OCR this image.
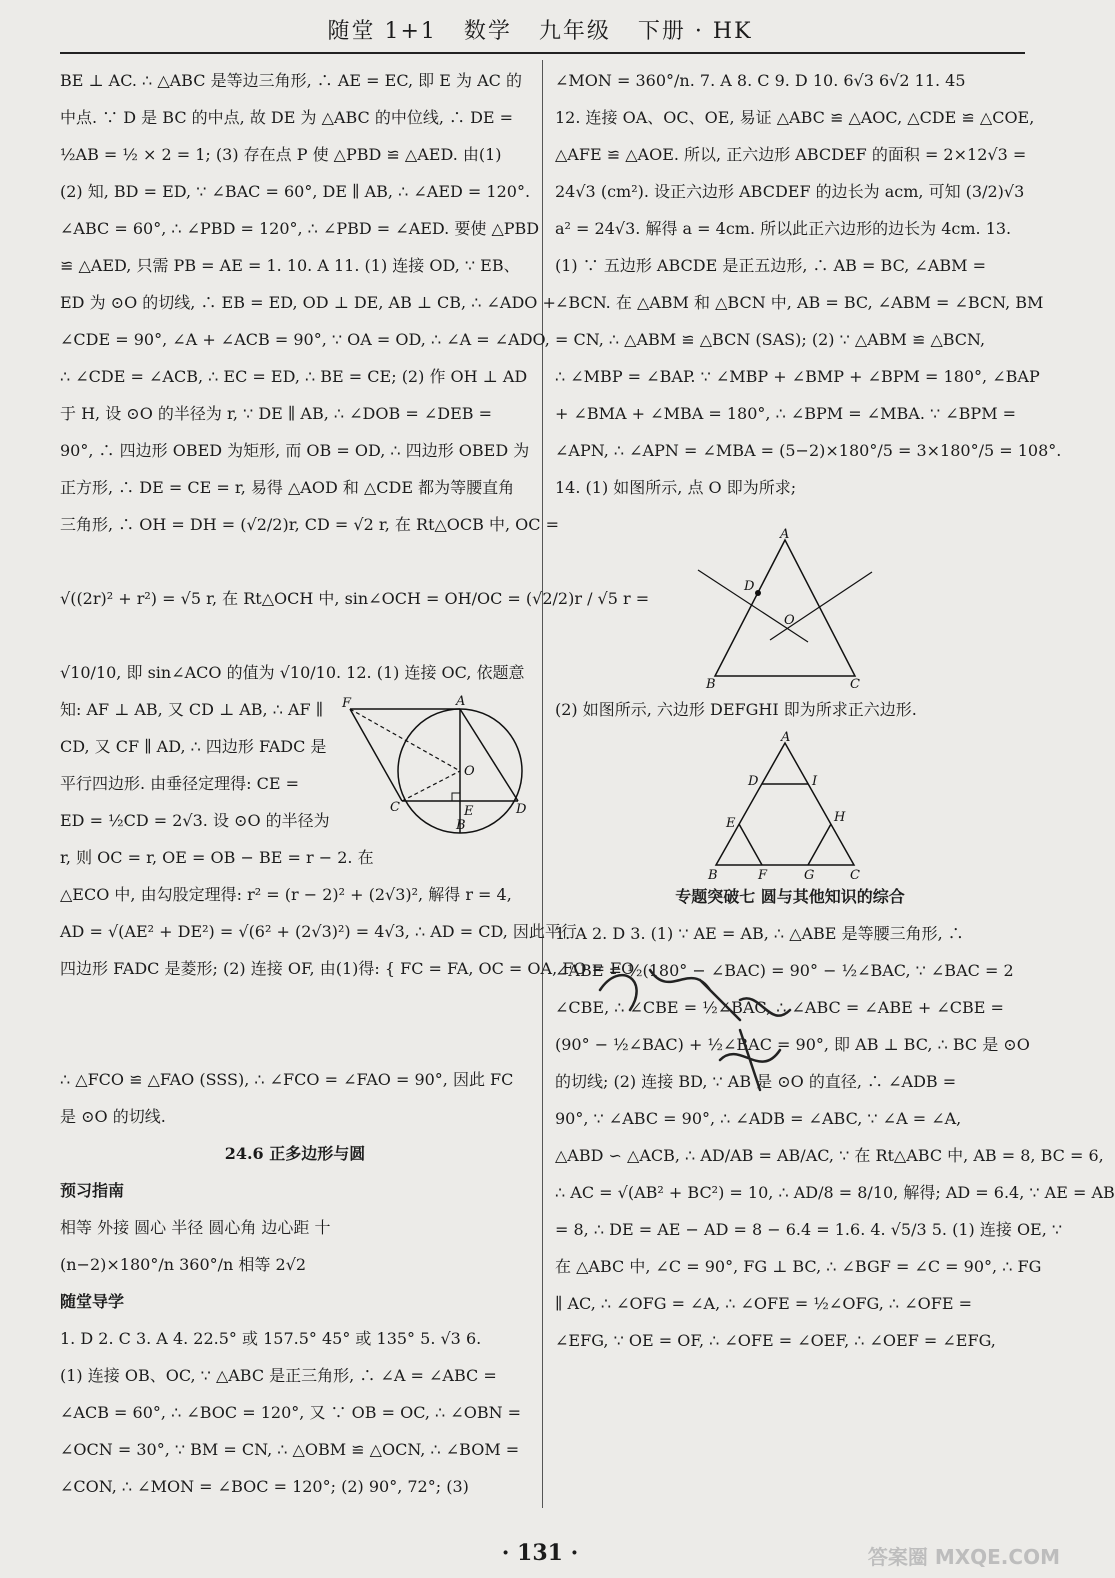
随堂 1+1 数学 九年级 下册 · HK

BE ⊥ AC. ∴ △ABC 是等边三角形, ∴ AE = EC, 即 E 为 AC 的

中点. ∵ D 是 BC 的中点, 故 DE 为 △ABC 的中位线, ∴ DE =

½AB = ½ × 2 = 1; (3) 存在点 P 使 △PBD ≌ △AED. 由(1)

(2) 知, BD = ED, ∵ ∠BAC = 60°, DE ∥ AB, ∴ ∠AED = 120°.

∠ABC = 60°, ∴ ∠PBD = 120°, ∴ ∠PBD = ∠AED. 要使 △PBD

≌ △AED, 只需 PB = AE = 1. 10. A 11. (1) 连接 OD, ∵ EB、

ED 为 ⊙O 的切线, ∴ EB = ED, OD ⊥ DE, AB ⊥ CB, ∴ ∠ADO +

∠CDE = 90°, ∠A + ∠ACB = 90°, ∵ OA = OD, ∴ ∠A = ∠ADO,

∴ ∠CDE = ∠ACB, ∴ EC = ED, ∴ BE = CE; (2) 作 OH ⊥ AD

于 H, 设 ⊙O 的半径为 r, ∵ DE ∥ AB, ∴ ∠DOB = ∠DEB =

90°, ∴ 四边形 OBED 为矩形, 而 OB = OD, ∴ 四边形 OBED 为

正方形, ∴ DE = CE = r, 易得 △AOD 和 △CDE 都为等腰直角

三角形, ∴ OH = DH = (√2/2)r, CD = √2 r, 在 Rt△OCB 中, OC =

√((2r)² + r²) = √5 r, 在 Rt△OCH 中, sin∠OCH = OH/OC = (√2/2)r / √5 r =

√10/10, 即 sin∠ACO 的值为 √10/10. 12. (1) 连接 OC, 依题意

知: AF ⊥ AB, 又 CD ⊥ AB, ∴ AF ∥

CD, 又 CF ∥ AD, ∴ 四边形 FADC 是

平行四边形. 由垂径定理得: CE =

ED = ½CD = 2√3. 设 ⊙O 的半径为

r, 则 OC = r, OE = OB − BE = r − 2. 在

△ECO 中, 由勾股定理得: r² = (r − 2)² + (2√3)², 解得 r = 4,

AD = √(AE² + DE²) = √(6² + (2√3)²) = 4√3, ∴ AD = CD, 因此平行

四边形 FADC 是菱形; (2) 连接 OF, 由(1)得: { FC = FA, OC = OA, FO = FO

∴ △FCO ≌ △FAO (SSS), ∴ ∠FCO = ∠FAO = 90°, 因此 FC

是 ⊙O 的切线.

24.6 正多边形与圆

预习指南

相等 外接 圆心 半径 圆心角 边心距 十

(n−2)×180°/n 360°/n 相等 2√2

随堂导学

1. D 2. C 3. A 4. 22.5° 或 157.5° 45° 或 135° 5. √3 6.

(1) 连接 OB、OC, ∵ △ABC 是正三角形, ∴ ∠A = ∠ABC =

∠ACB = 60°, ∴ ∠BOC = 120°, 又 ∵ OB = OC, ∴ ∠OBN =

∠OCN = 30°, ∵ BM = CN, ∴ △OBM ≌ △OCN, ∴ ∠BOM =

∠CON, ∴ ∠MON = ∠BOC = 120°; (2) 90°, 72°; (3)

F	A
O
C	E	D
B

∠MON = 360°/n. 7. A 8. C 9. D 10. 6√3 6√2 11. 45

12. 连接 OA、OC、OE, 易证 △ABC ≌ △AOC, △CDE ≌ △COE,

△AFE ≌ △AOE. 所以, 正六边形 ABCDEF 的面积 = 2×12√3 =

24√3 (cm²). 设正六边形 ABCDEF 的边长为 acm, 可知 (3/2)√3

a² = 24√3. 解得 a = 4cm. 所以此正六边形的边长为 4cm. 13.

(1) ∵ 五边形 ABCDE 是正五边形, ∴ AB = BC, ∠ABM =

∠BCN. 在 △ABM 和 △BCN 中, AB = BC, ∠ABM = ∠BCN, BM

= CN, ∴ △ABM ≌ △BCN (SAS); (2) ∵ △ABM ≌ △BCN,

∴ ∠MBP = ∠BAP. ∵ ∠MBP + ∠BMP + ∠BPM = 180°, ∠BAP

+ ∠BMA + ∠MBA = 180°, ∴ ∠BPM = ∠MBA. ∵ ∠BPM =

∠APN, ∴ ∠APN = ∠MBA = (5−2)×180°/5 = 3×180°/5 = 108°.

14. (1) 如图所示, 点 O 即为所求;

(2) 如图所示, 六边形 DEFGHI 即为所求正六边形.

专题突破七 圆与其他知识的综合

1. A 2. D 3. (1) ∵ AE = AB, ∴ △ABE 是等腰三角形, ∴

∠ABE = ½(180° − ∠BAC) = 90° − ½∠BAC, ∵ ∠BAC = 2

∠CBE, ∴ ∠CBE = ½∠BAC, ∴ ∠ABC = ∠ABE + ∠CBE =

(90° − ½∠BAC) + ½∠BAC = 90°, 即 AB ⊥ BC, ∴ BC 是 ⊙O

的切线; (2) 连接 BD, ∵ AB 是 ⊙O 的直径, ∴ ∠ADB =

90°, ∵ ∠ABC = 90°, ∴ ∠ADB = ∠ABC, ∵ ∠A = ∠A,

△ABD ∽ △ACB, ∴ AD/AB = AB/AC, ∵ 在 Rt△ABC 中, AB = 8, BC = 6,

∴ AC = √(AB² + BC²) = 10, ∴ AD/8 = 8/10, 解得; AD = 6.4, ∵ AE = AB

= 8, ∴ DE = AE − AD = 8 − 6.4 = 1.6. 4. √5/3 5. (1) 连接 OE, ∵

在 △ABC 中, ∠C = 90°, FG ⊥ BC, ∴ ∠BGF = ∠C = 90°, ∴ FG

∥ AC, ∴ ∠OFG = ∠A, ∴ ∠OFE = ½∠OFG, ∴ ∠OFE =

∠EFG, ∵ OE = OF, ∴ ∠OFE = ∠OEF, ∴ ∠OEF = ∠EFG,

A
B	C
D
O
A
B	C
D	I
E	H
F	G
· 131 ·	答案圈 MXQE.COM
